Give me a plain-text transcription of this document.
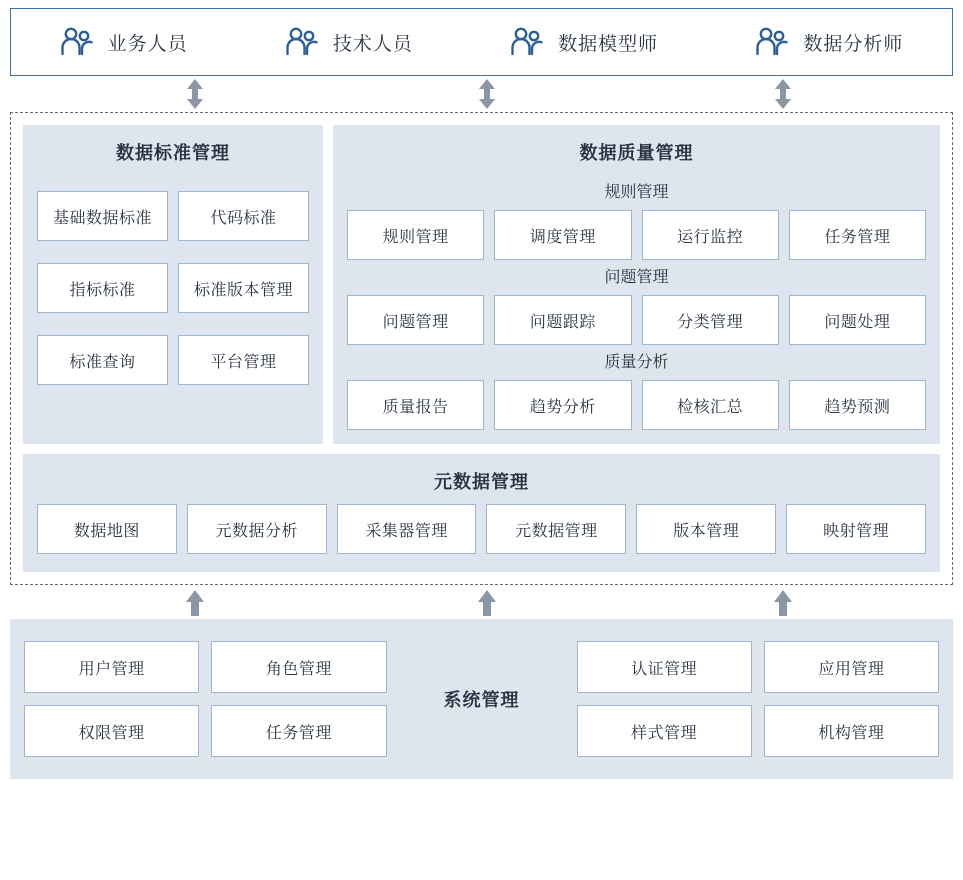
业务人员	技术人员	数据模型师	数据分析师
数据标准管理
基础数据标准	代码标准
指标标准	标准版本管理
标准查询	平台管理
数据质量管理
规则管理
规则管理	调度管理	运行监控	任务管理
问题管理
问题管理	问题跟踪	分类管理	问题处理
质量分析
质量报告	趋势分析	检核汇总	趋势预测
元数据管理
数据地图	元数据分析	采集器管理	元数据管理	版本管理	映射管理
用户管理	角色管理
权限管理	任务管理
系统管理
认证管理	应用管理
样式管理	机构管理
